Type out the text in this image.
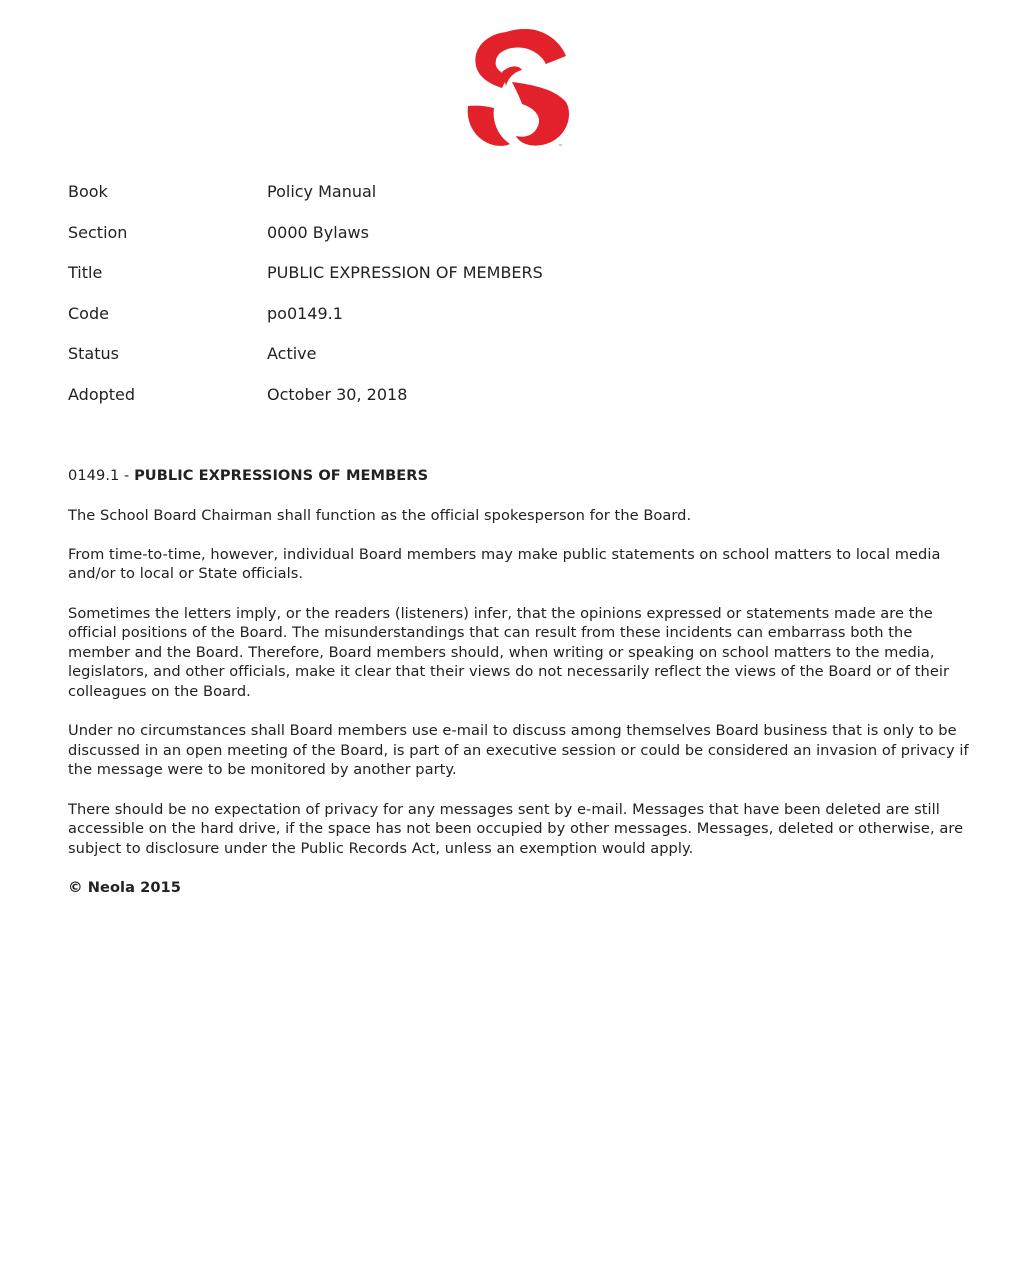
™
Book	Policy Manual
Section	0000 Bylaws
Title	PUBLIC EXPRESSION OF MEMBERS
Code	po0149.1
Status	Active
Adopted	October 30, 2018
0149.1 - PUBLIC EXPRESSIONS OF MEMBERS

The School Board Chairman shall function as the official spokesperson for the Board.

From time-to-time, however, individual Board members may make public statements on school matters to local media and/or to local or State officials.

Sometimes the letters imply, or the readers (listeners) infer, that the opinions expressed or statements made are the official positions of the Board. The misunderstandings that can result from these incidents can embarrass both the member and the Board. Therefore, Board members should, when writing or speaking on school matters to the media, legislators, and other officials, make it clear that their views do not necessarily reflect the views of the Board or of their colleagues on the Board.

Under no circumstances shall Board members use e-mail to discuss among themselves Board business that is only to be discussed in an open meeting of the Board, is part of an executive session or could be considered an invasion of privacy if the message were to be monitored by another party.

There should be no expectation of privacy for any messages sent by e-mail. Messages that have been deleted are still accessible on the hard drive, if the space has not been occupied by other messages. Messages, deleted or otherwise, are subject to disclosure under the Public Records Act, unless an exemption would apply.

© Neola 2015
